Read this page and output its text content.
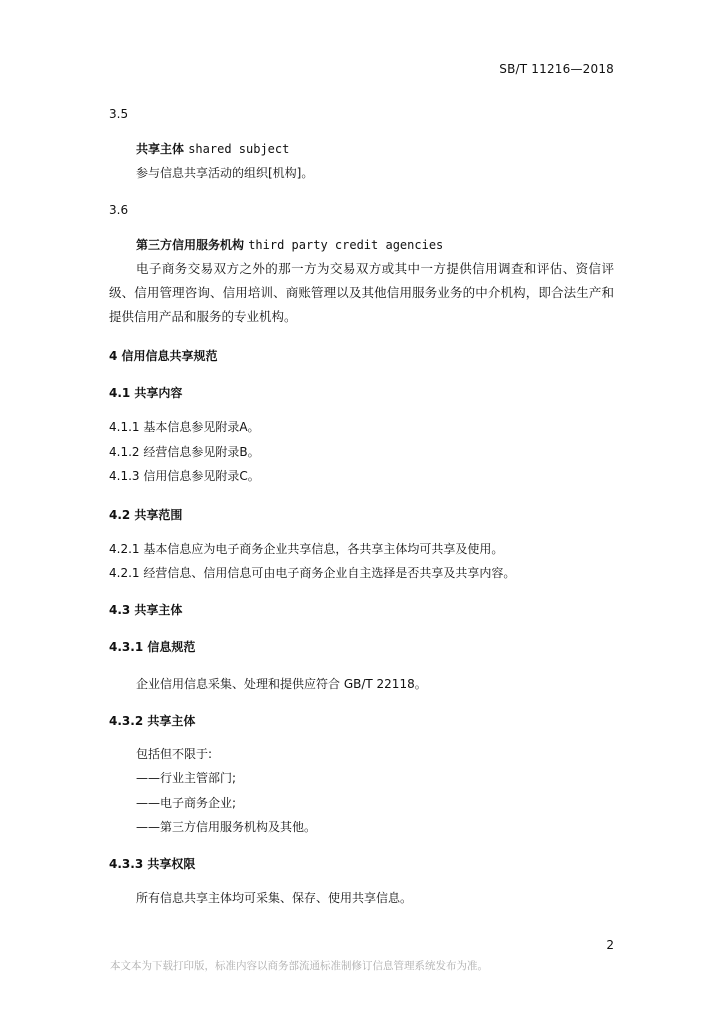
SB/T 11216—2018
3.5
共享主体 shared subject
参与信息共享活动的组织[机构]。
3.6
第三方信用服务机构 third party credit agencies
电子商务交易双方之外的那一方为交易双方或其中一方提供信用调查和评估、资信评级、信用管理咨询、信用培训、商账管理以及其他信用服务业务的中介机构，即合法生产和提供信用产品和服务的专业机构。
4 信用信息共享规范
4.1 共享内容
4.1.1 基本信息参见附录A。
4.1.2 经营信息参见附录B。
4.1.3 信用信息参见附录C。
4.2 共享范围
4.2.1 基本信息应为电子商务企业共享信息，各共享主体均可共享及使用。
4.2.1 经营信息、信用信息可由电子商务企业自主选择是否共享及共享内容。
4.3 共享主体
4.3.1 信息规范
企业信用信息采集、处理和提供应符合 GB/T 22118。
4.3.2 共享主体
包括但不限于:
——行业主管部门;
——电子商务企业;
——第三方信用服务机构及其他。
4.3.3 共享权限
所有信息共享主体均可采集、保存、使用共享信息。
2
本文本为下载打印版，标准内容以商务部流通标准制修订信息管理系统发布为准。
